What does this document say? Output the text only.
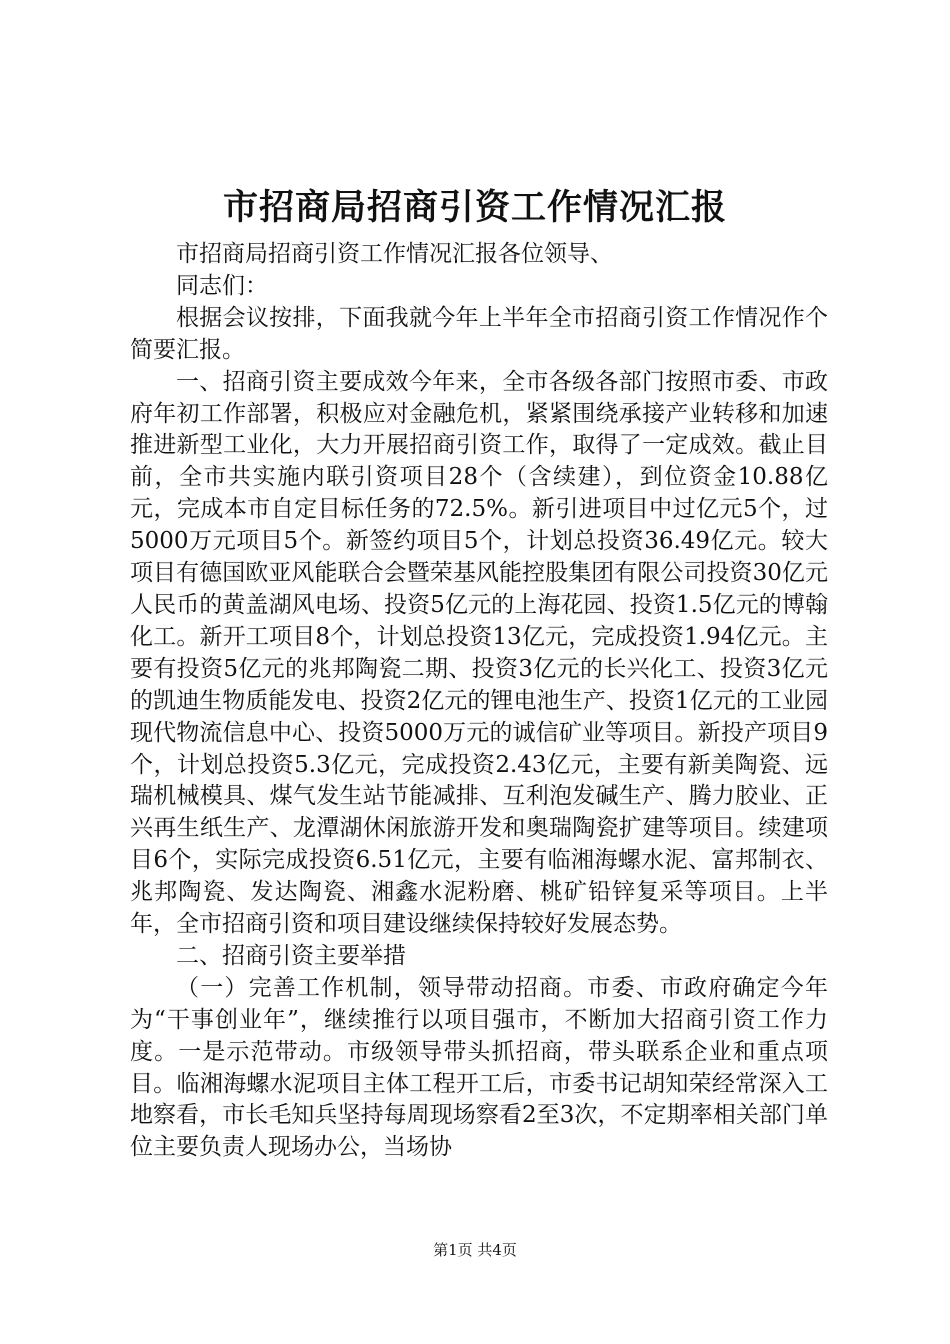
市招商局招商引资工作情况汇报

市招商局招商引资工作情况汇报各位领导、

同志们：

根据会议按排，下面我就今年上半年全市招商引资工作情况作个简要汇报。

一、招商引资主要成效今年来，全市各级各部门按照市委、市政府年初工作部署，积极应对金融危机，紧紧围绕承接产业转移和加速推进新型工业化，大力开展招商引资工作，取得了一定成效。截止目前，全市共实施内联引资项目28个（含续建），到位资金10.88亿元，完成本市自定目标任务的72.5%。新引进项目中过亿元5个，过5000万元项目5个。新签约项目5个，计划总投资36.49亿元。较大项目有德国欧亚风能联合会暨荣基风能控股集团有限公司投资30亿元人民币的黄盖湖风电场、投资5亿元的上海花园、投资1.5亿元的博翰化工。新开工项目8个，计划总投资13亿元，完成投资1.94亿元。主要有投资5亿元的兆邦陶瓷二期、投资3亿元的长兴化工、投资3亿元的凯迪生物质能发电、投资2亿元的锂电池生产、投资1亿元的工业园现代物流信息中心、投资5000万元的诚信矿业等项目。新投产项目9个，计划总投资5.3亿元，完成投资2.43亿元，主要有新美陶瓷、远瑞机械模具、煤气发生站节能减排、互利泡发碱生产、腾力胶业、正兴再生纸生产、龙潭湖休闲旅游开发和奥瑞陶瓷扩建等项目。续建项目6个，实际完成投资6.51亿元，主要有临湘海螺水泥、富邦制衣、兆邦陶瓷、发达陶瓷、湘鑫水泥粉磨、桃矿铅锌复采等项目。上半年，全市招商引资和项目建设继续保持较好发展态势。

二、招商引资主要举措

（一）完善工作机制，领导带动招商。市委、市政府确定今年为“干事创业年”，继续推行以项目强市，不断加大招商引资工作力度。一是示范带动。市级领导带头抓招商，带头联系企业和重点项目。临湘海螺水泥项目主体工程开工后，市委书记胡知荣经常深入工地察看，市长毛知兵坚持每周现场察看2至3次，不定期率相关部门单位主要负责人现场办公，当场协

第1页 共4页
